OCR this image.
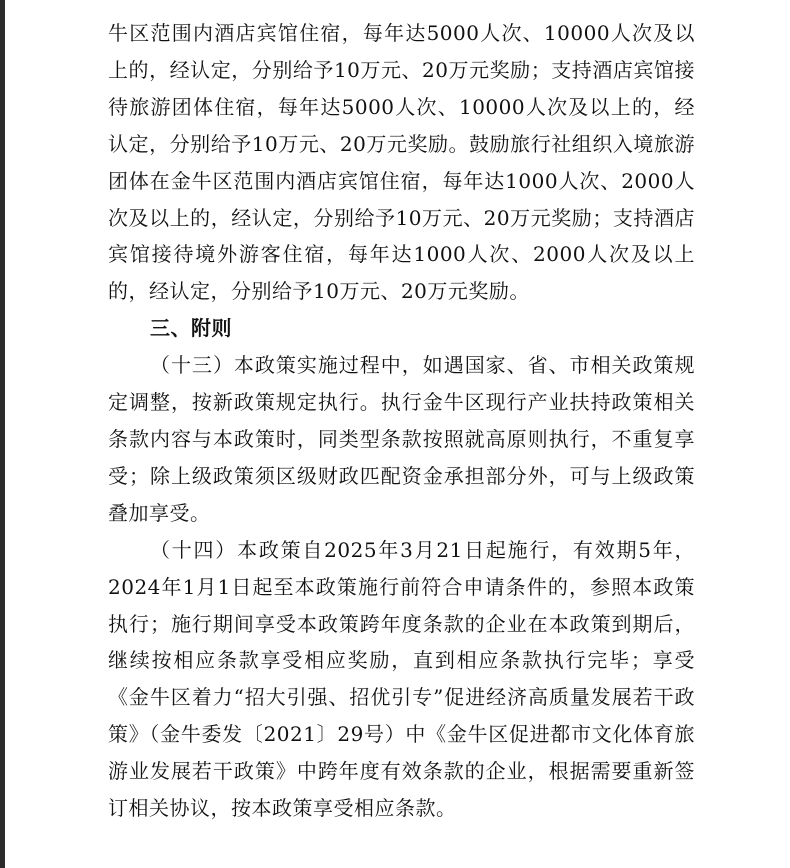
牛区范围内酒店宾馆住宿，每年达5000人次、10000人次及以上的，经认定，分别给予10万元、20万元奖励；支持酒店宾馆接待旅游团体住宿，每年达5000人次、10000人次及以上的，经认定，分别给予10万元、20万元奖励。鼓励旅行社组织入境旅游团体在金牛区范围内酒店宾馆住宿，每年达1000人次、2000人次及以上的，经认定，分别给予10万元、20万元奖励；支持酒店宾馆接待境外游客住宿，每年达1000人次、2000人次及以上的，经认定，分别给予10万元、20万元奖励。

三、附则

（十三）本政策实施过程中，如遇国家、省、市相关政策规定调整，按新政策规定执行。执行金牛区现行产业扶持政策相关条款内容与本政策时，同类型条款按照就高原则执行，不重复享受；除上级政策须区级财政匹配资金承担部分外，可与上级政策叠加享受。

（十四）本政策自2025年3月21日起施行，有效期5年，2024年1月1日起至本政策施行前符合申请条件的，参照本政策执行；施行期间享受本政策跨年度条款的企业在本政策到期后，继续按相应条款享受相应奖励，直到相应条款执行完毕；享受《金牛区着力“招大引强、招优引专”促进经济高质量发展若干政策》（金牛委发〔2021〕29号）中《金牛区促进都市文化体育旅游业发展若干政策》中跨年度有效条款的企业，根据需要重新签订相关协议，按本政策享受相应条款。
